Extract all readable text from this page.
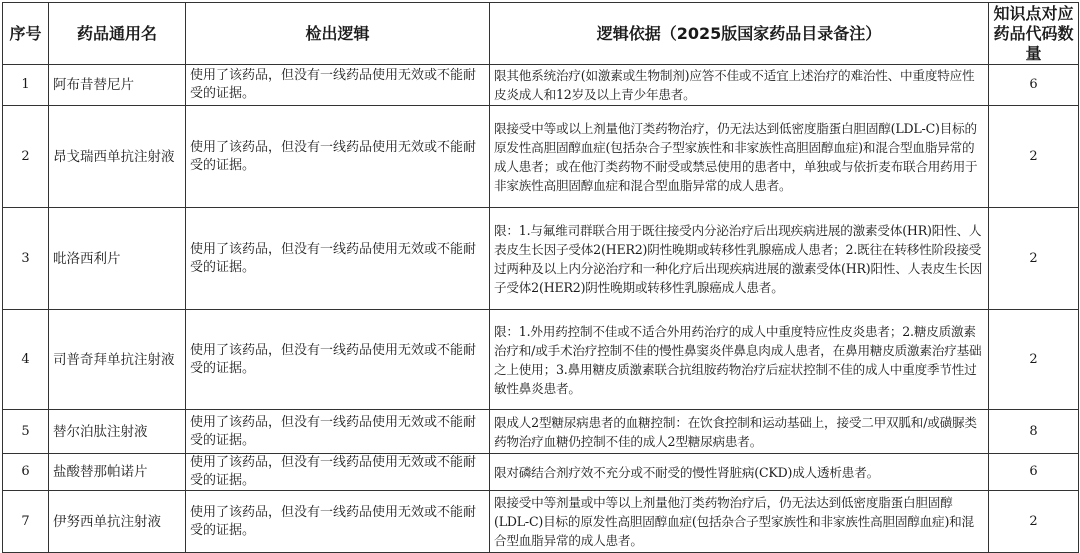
序号	药品通用名	检出逻辑	逻辑依据（2025版国家药品目录备注）	知识点对应药品代码数量
1	阿布昔替尼片	使用了该药品，但没有一线药品使用无效或不能耐受的证据。	限其他系统治疗(如激素或生物制剂)应答不佳或不适宜上述治疗的难治性、中重度特应性皮炎成人和12岁及以上青少年患者。	6
2	昂戈瑞西单抗注射液	使用了该药品，但没有一线药品使用无效或不能耐受的证据。	限接受中等或以上剂量他汀类药物治疗，仍无法达到低密度脂蛋白胆固醇(LDL-C)目标的原发性高胆固醇血症(包括杂合子型家族性和非家族性高胆固醇血症)和混合型血脂异常的成人患者；或在他汀类药物不耐受或禁忌使用的患者中，单独或与依折麦布联合用药用于非家族性高胆固醇血症和混合型血脂异常的成人患者。	2
3	吡洛西利片	使用了该药品，但没有一线药品使用无效或不能耐受的证据。	限：1.与氟维司群联合用于既往接受内分泌治疗后出现疾病进展的激素受体(HR)阳性、人表皮生长因子受体2(HER2)阴性晚期或转移性乳腺癌成人患者；2.既往在转移性阶段接受过两种及以上内分泌治疗和一种化疗后出现疾病进展的激素受体(HR)阳性、人表皮生长因子受体2(HER2)阴性晚期或转移性乳腺癌成人患者。	2
4	司普奇拜单抗注射液	使用了该药品，但没有一线药品使用无效或不能耐受的证据。	限：1.外用药控制不佳或不适合外用药治疗的成人中重度特应性皮炎患者；2.糖皮质激素治疗和/或手术治疗控制不佳的慢性鼻窦炎伴鼻息肉成人患者，在鼻用糖皮质激素治疗基础之上使用；3.鼻用糖皮质激素联合抗组胺药物治疗后症状控制不佳的成人中重度季节性过敏性鼻炎患者。	2
5	替尔泊肽注射液	使用了该药品，但没有一线药品使用无效或不能耐受的证据。	限成人2型糖尿病患者的血糖控制：在饮食控制和运动基础上，接受二甲双胍和/或磺脲类药物治疗血糖仍控制不佳的成人2型糖尿病患者。	8
6	盐酸替那帕诺片	使用了该药品，但没有一线药品使用无效或不能耐受的证据。	限对磷结合剂疗效不充分或不耐受的慢性肾脏病(CKD)成人透析患者。	6
7	伊努西单抗注射液	使用了该药品，但没有一线药品使用无效或不能耐受的证据。	限接受中等剂量或中等以上剂量他汀类药物治疗后，仍无法达到低密度脂蛋白胆固醇(LDL-C)目标的原发性高胆固醇血症(包括杂合子型家族性和非家族性高胆固醇血症)和混合型血脂异常的成人患者。	2
